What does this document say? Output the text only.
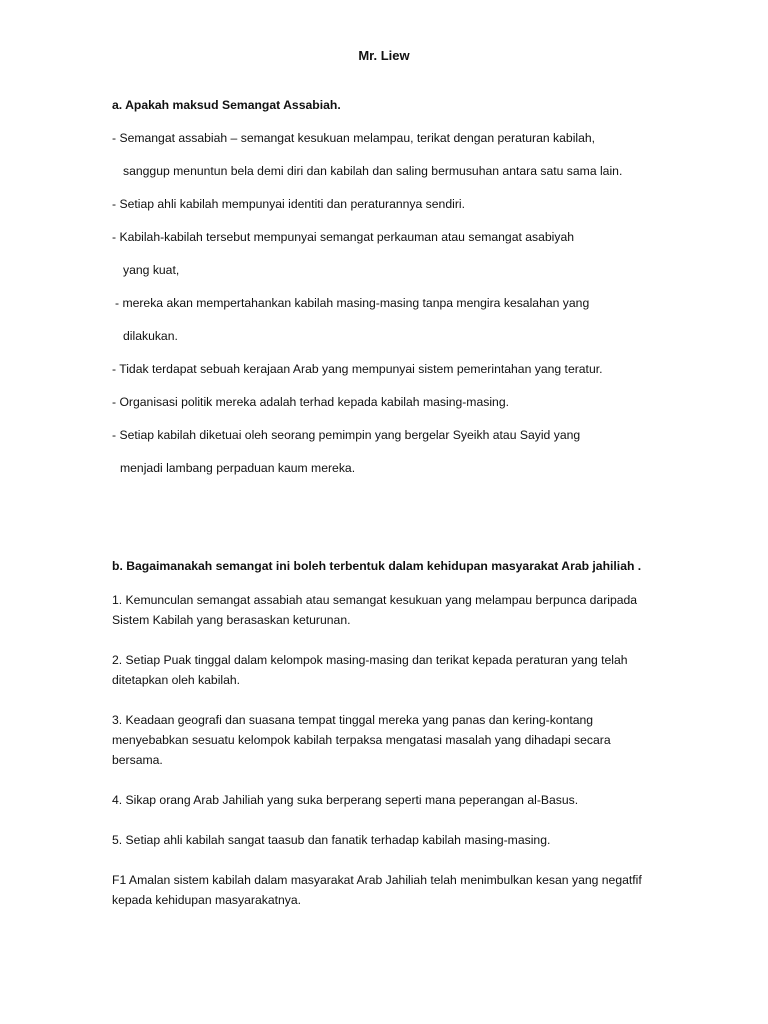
Mr. Liew
a. Apakah maksud Semangat Assabiah.
- Semangat assabiah – semangat kesukuan melampau, terikat dengan peraturan kabilah,
sanggup menuntun bela demi diri dan kabilah dan saling bermusuhan antara satu sama lain.
- Setiap ahli kabilah mempunyai identiti dan peraturannya sendiri.
- Kabilah-kabilah tersebut mempunyai semangat perkauman atau semangat asabiyah
yang kuat,
- mereka akan mempertahankan kabilah masing-masing tanpa mengira kesalahan yang
dilakukan.
- Tidak terdapat sebuah kerajaan Arab yang mempunyai sistem pemerintahan yang teratur.
- Organisasi politik mereka adalah terhad kepada kabilah masing-masing.
- Setiap kabilah diketuai oleh seorang pemimpin yang bergelar Syeikh atau Sayid yang
menjadi lambang perpaduan kaum mereka.
b. Bagaimanakah semangat ini boleh terbentuk dalam kehidupan masyarakat Arab jahiliah .
1. Kemunculan semangat assabiah atau semangat kesukuan yang melampau berpunca daripada Sistem Kabilah yang berasaskan keturunan.
2. Setiap Puak tinggal dalam kelompok masing-masing dan terikat kepada peraturan yang telah ditetapkan oleh kabilah.
3. Keadaan geografi dan suasana tempat tinggal mereka yang panas dan kering-kontang menyebabkan sesuatu kelompok kabilah terpaksa mengatasi masalah yang dihadapi secara bersama.
4. Sikap orang Arab Jahiliah yang suka berperang seperti mana peperangan al-Basus.
5. Setiap ahli kabilah sangat taasub dan fanatik terhadap kabilah masing-masing.
F1 Amalan sistem kabilah dalam masyarakat Arab Jahiliah telah menimbulkan kesan yang negatfif kepada kehidupan masyarakatnya.
